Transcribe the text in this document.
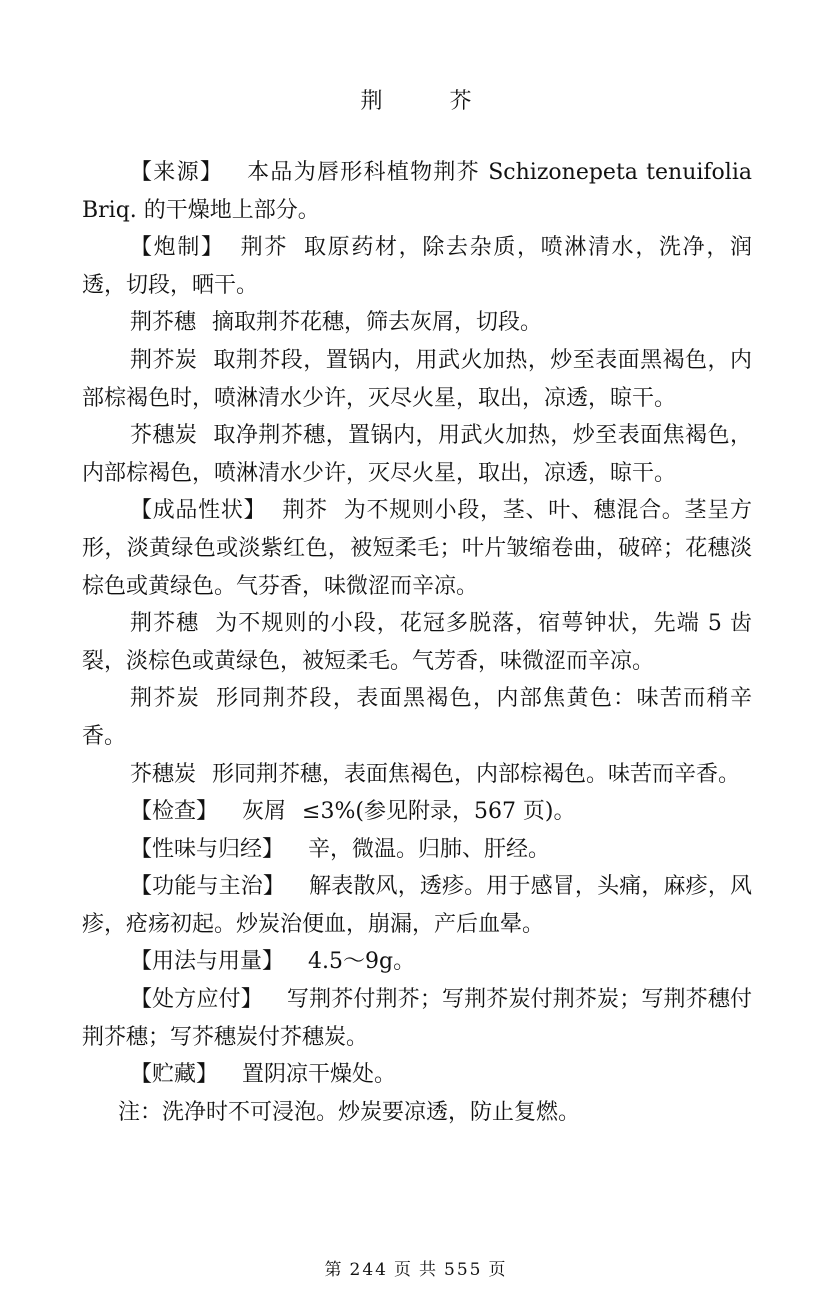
荆 芥

【来源】 本品为唇形科植物荆芥 Schizonepeta tenuifolia Briq. 的干燥地上部分。

【炮制】 荆芥 取原药材，除去杂质，喷淋清水，洗净，润透，切段，晒干。

荆芥穗 摘取荆芥花穗，筛去灰屑，切段。

荆芥炭 取荆芥段，置锅内，用武火加热，炒至表面黑褐色，内部棕褐色时，喷淋清水少许，灭尽火星，取出，凉透，晾干。

芥穗炭 取净荆芥穗，置锅内，用武火加热，炒至表面焦褐色，内部棕褐色，喷淋清水少许，灭尽火星，取出，凉透，晾干。

【成品性状】 荆芥 为不规则小段，茎、叶、穗混合。茎呈方形，淡黄绿色或淡紫红色，被短柔毛；叶片皱缩卷曲，破碎；花穗淡棕色或黄绿色。气芬香，味微涩而辛凉。

荆芥穗 为不规则的小段，花冠多脱落，宿萼钟状，先端 5 齿裂，淡棕色或黄绿色，被短柔毛。气芳香，味微涩而辛凉。

荆芥炭 形同荆芥段，表面黑褐色，内部焦黄色：味苦而稍辛香。

芥穗炭 形同荆芥穗，表面焦褐色，内部棕褐色。味苦而辛香。

【检查】 灰屑 ≤3%(参见附录，567 页)。

【性味与归经】 辛，微温。归肺、肝经。

【功能与主治】 解表散风，透疹。用于感冒，头痛，麻疹，风疹，疮疡初起。炒炭治便血，崩漏，产后血晕。

【用法与用量】 4.5～9g。

【处方应付】 写荆芥付荆芥；写荆芥炭付荆芥炭；写荆芥穗付荆芥穗；写芥穗炭付芥穗炭。

【贮藏】 置阴凉干燥处。

注：洗净时不可浸泡。炒炭要凉透，防止复燃。

第 244 页 共 555 页
